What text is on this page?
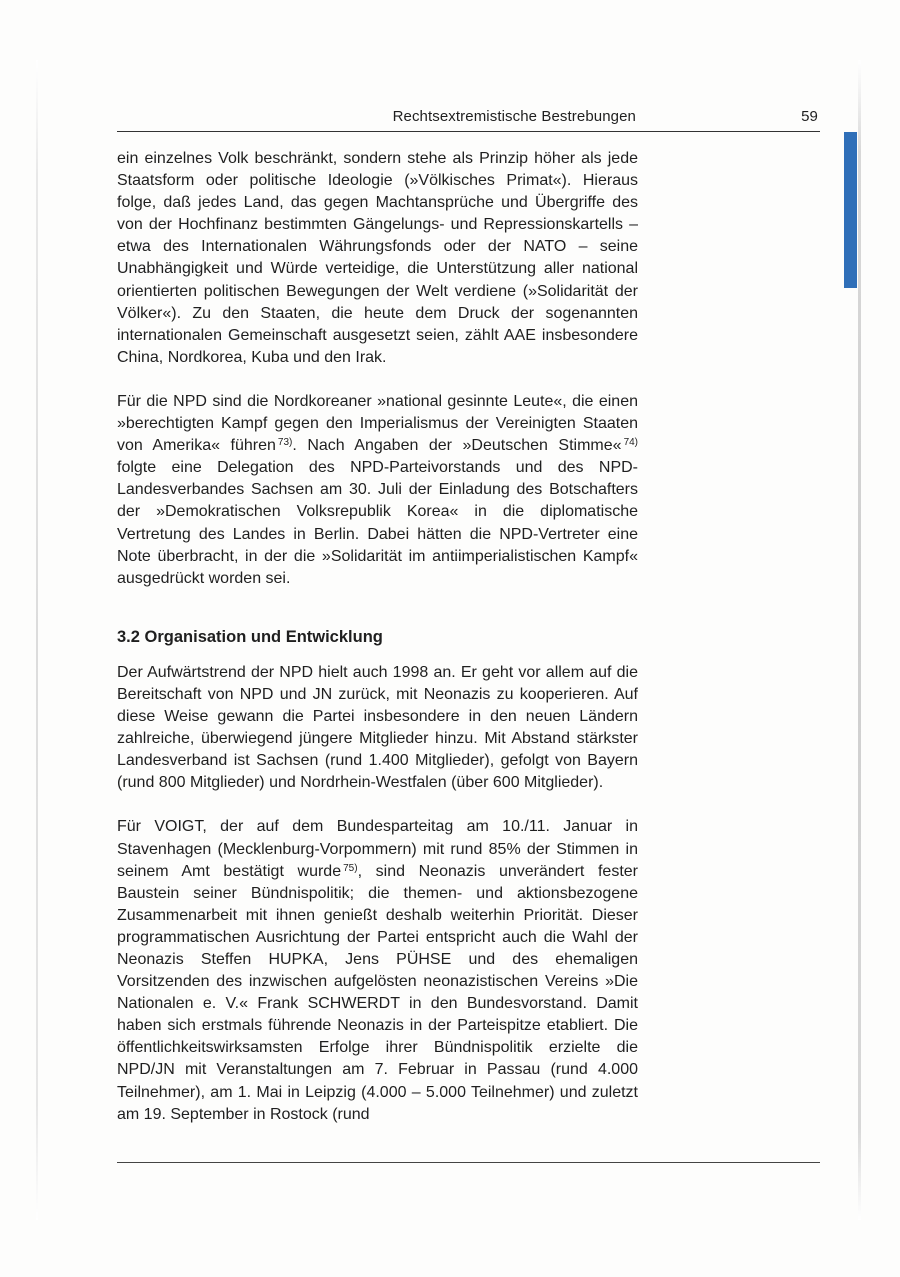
Rechtsextremistische Bestrebungen	59

ein einzelnes Volk beschränkt, sondern stehe als Prinzip höher als jede Staatsform oder politische Ideologie (»Völkisches Primat«). Hieraus folge, daß jedes Land, das gegen Machtansprüche und Übergriffe des von der Hochfinanz bestimmten Gängelungs- und Repressionskartells – etwa des Internationalen Währungsfonds oder der NATO – seine Unabhängigkeit und Würde verteidige, die Unterstützung aller national orientierten politischen Bewegungen der Welt verdiene (»Solidarität der Völker«). Zu den Staaten, die heute dem Druck der sogenannten internationalen Gemeinschaft ausgesetzt seien, zählt AAE insbesondere China, Nordkorea, Kuba und den Irak.

Für die NPD sind die Nordkoreaner »national gesinnte Leute«, die einen »berechtigten Kampf gegen den Imperialismus der Vereinigten Staaten von Amerika« führen $^{73)}$. Nach Angaben der »Deutschen Stimme« $^{74)}$ folgte eine Delegation des NPD-Parteivorstands und des NPD-Landesverbandes Sachsen am 30. Juli der Einladung des Botschafters der »Demokratischen Volksrepublik Korea« in die diplomatische Vertretung des Landes in Berlin. Dabei hätten die NPD-Vertreter eine Note überbracht, in der die »Solidarität im antiimperialistischen Kampf« ausgedrückt worden sei.

3.2 Organisation und Entwicklung

Der Aufwärtstrend der NPD hielt auch 1998 an. Er geht vor allem auf die Bereitschaft von NPD und JN zurück, mit Neonazis zu kooperieren. Auf diese Weise gewann die Partei insbesondere in den neuen Ländern zahlreiche, überwiegend jüngere Mitglieder hinzu. Mit Abstand stärkster Landesverband ist Sachsen (rund 1.400 Mitglieder), gefolgt von Bayern (rund 800 Mitglieder) und Nordrhein-Westfalen (über 600 Mitglieder).

Für VOIGT, der auf dem Bundesparteitag am 10./11. Januar in Stavenhagen (Mecklenburg-Vorpommern) mit rund 85% der Stimmen in seinem Amt bestätigt wurde $^{75)}$, sind Neonazis unverändert fester Baustein seiner Bündnispolitik; die themen- und aktionsbezogene Zusammenarbeit mit ihnen genießt deshalb weiterhin Priorität. Dieser programmatischen Ausrichtung der Partei entspricht auch die Wahl der Neonazis Steffen HUPKA, Jens PÜHSE und des ehemaligen Vorsitzenden des inzwischen aufgelösten neonazistischen Vereins »Die Nationalen e. V.« Frank SCHWERDT in den Bundesvorstand. Damit haben sich erstmals führende Neonazis in der Parteispitze etabliert. Die öffentlichkeitswirksamsten Erfolge ihrer Bündnispolitik erzielte die NPD/JN mit Veranstaltungen am 7. Februar in Passau (rund 4.000 Teilnehmer), am 1. Mai in Leipzig (4.000 – 5.000 Teilnehmer) und zuletzt am 19. September in Rostock (rund
